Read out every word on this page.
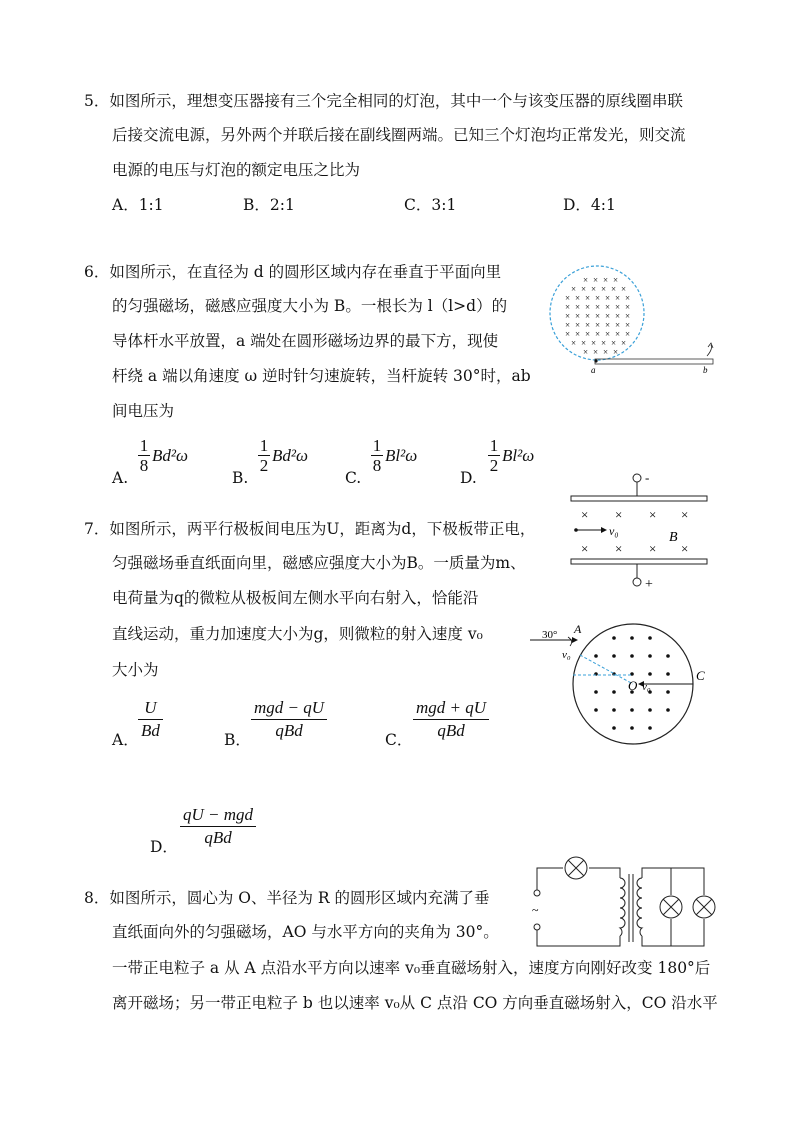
5．如图所示，理想变压器接有三个完全相同的灯泡，其中一个与该变压器的原线圈串联
后接交流电源，另外两个并联后接在副线圈两端。已知三个灯泡均正常发光，则交流
电源的电压与灯泡的额定电压之比为
A．1:1	B．2:1	C．3:1	D．4:1
6．如图所示，在直径为 d 的圆形区域内存在垂直于平面向里
的匀强磁场，磁感应强度大小为 B。一根长为 l（l>d）的
导体杆水平放置，a 端处在圆形磁场边界的最下方，现使
杆绕 a 端以角速度 ω 逆时针匀速旋转，当杆旋转 30°时，ab
间电压为
A.
1
8
Bd²ω
B.
1
2
Bd²ω
C.
1
8
Bl²ω
D.
1
2
Bl²ω
× × × ×
× × × × × ×
× × × × × × ×
× × × × × × ×
× × × × × × ×
× × × × × × ×
× × × × × × ×
× × × × × ×
× × × ×
a	b
7．如图所示，两平行极板间电压为U，距离为d，下极板带正电，
匀强磁场垂直纸面向里，磁感应强度大小为B。一质量为m、
电荷量为q的微粒从极板间左侧水平向右射入，恰能沿
直线运动，重力加速度大小为g，则微粒的射入速度 v₀
大小为
A．
U
Bd	B．
mgd − qU
qBd	C．
mgd + qU
qBd
D．
qU − mgd
qBd
-
+
× × × ×
× × × ×
v₀	B
30° A
v₀
C
O v₀
8．如图所示，圆心为 O、半径为 R 的圆形区域内充满了垂
直纸面向外的匀强磁场，AO 与水平方向的夹角为 30°。
一带正电粒子 a 从 A 点沿水平方向以速率 v₀垂直磁场射入，速度方向刚好改变 180°后
离开磁场；另一带正电粒子 b 也以速率 v₀从 C 点沿 CO 方向垂直磁场射入，CO 沿水平
~
